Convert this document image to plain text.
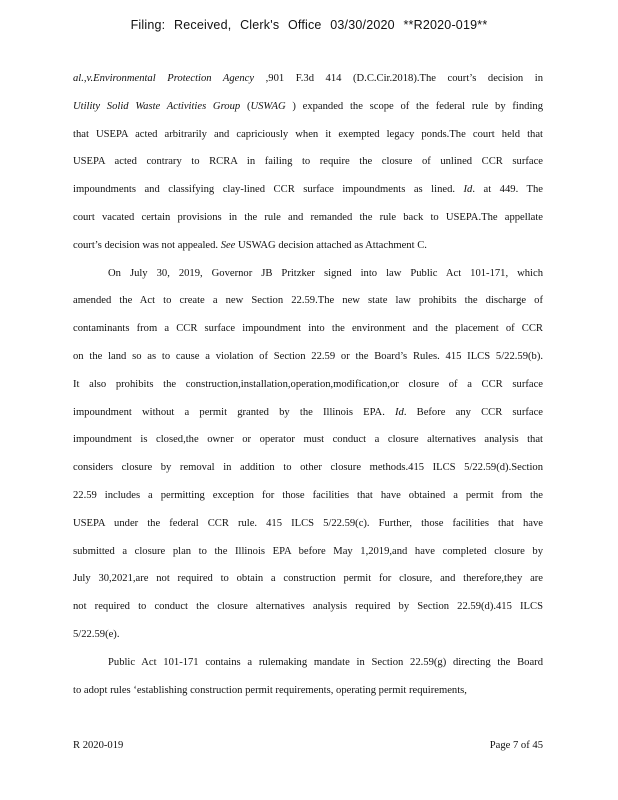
Filing: Received, Clerk's Office 03/30/2020 **R2020-019**
al.,v.Environmental Protection Agency ,901 F.3d 414 (D.C.Cir.2018).The court’s decision in
Utility Solid Waste Activities Group (USWAG ) expanded the scope of the federal rule by finding
that USEPA acted arbitrarily and capriciously when it exempted legacy ponds.The court held that
USEPA acted contrary to RCRA in failing to require the closure of unlined CCR surface
impoundments and classifying clay-lined CCR surface impoundments as lined. Id. at 449. The
court vacated certain provisions in the rule and remanded the rule back to USEPA.The appellate
court’s decision was not appealed. See USWAG decision attached as Attachment C.
On July 30, 2019, Governor JB Pritzker signed into law Public Act 101-171, which
amended the Act to create a new Section 22.59.The new state law prohibits the discharge of
contaminants from a CCR surface impoundment into the environment and the placement of CCR
on the land so as to cause a violation of Section 22.59 or the Board’s Rules. 415 ILCS 5/22.59(b).
It also prohibits the construction,installation,operation,modification,or closure of a CCR surface
impoundment without a permit granted by the Illinois EPA. Id. Before any CCR surface
impoundment is closed,the owner or operator must conduct a closure alternatives analysis that
considers closure by removal in addition to other closure methods.415 ILCS 5/22.59(d).Section
22.59 includes a permitting exception for those facilities that have obtained a permit from the
USEPA under the federal CCR rule. 415 ILCS 5/22.59(c). Further, those facilities that have
submitted a closure plan to the Illinois EPA before May 1,2019,and have completed closure by
July 30,2021,are not required to obtain a construction permit for closure, and therefore,they are
not required to conduct the closure alternatives analysis required by Section 22.59(d).415 ILCS
5/22.59(e).
Public Act 101-171 contains a rulemaking mandate in Section 22.59(g) directing the Board
to adopt rules ‘establishing construction permit requirements, operating permit requirements,
R 2020-019	Page 7 of 45
